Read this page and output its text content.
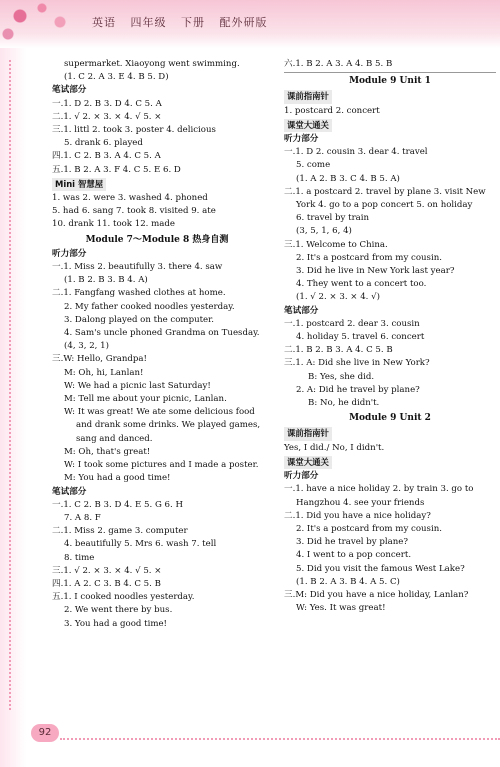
英语 四年级 下册 配外研版
supermarket. Xiaoyong went swimming.
(1. C 2. A 3. E 4. B 5. D)
笔试部分
一.1. D 2. B 3. D 4. C 5. A
二.1. √ 2. × 3. × 4. √ 5. ×
三.1. littl 2. took 3. poster 4. delicious
5. drank 6. played
四.1. C 2. B 3. A 4. C 5. A
五.1. B 2. A 3. F 4. C 5. E 6. D
Mini 智慧屋
1. was 2. were 3. washed 4. phoned
5. had 6. sang 7. took 8. visited 9. ate
10. drank 11. took 12. made
Module 7～Module 8 热身自测
听力部分
一.1. Miss 2. beautifully 3. there 4. saw
(1. B 2. B 3. B 4. A)
二.1. Fangfang washed clothes at home.
2. My father cooked noodles yesterday.
3. Dalong played on the computer.
4. Sam's uncle phoned Grandma on Tuesday.
(4, 3, 2, 1)
三.W: Hello, Grandpa!
M: Oh, hi, Lanlan!
W: We had a picnic last Saturday!
M: Tell me about your picnic, Lanlan.
W: It was great! We ate some delicious food
and drank some drinks. We played games,
sang and danced.
M: Oh, that's great!
W: I took some pictures and I made a poster.
M: You had a good time!
笔试部分
一.1. C 2. B 3. D 4. E 5. G 6. H
7. A 8. F
二.1. Miss 2. game 3. computer
4. beautifully 5. Mrs 6. wash 7. tell
8. time
三.1. √ 2. × 3. × 4. √ 5. ×
四.1. A 2. C 3. B 4. C 5. B
五.1. I cooked noodles yesterday.
2. We went there by bus.
3. You had a good time!
六.1. B 2. A 3. A 4. B 5. B
Module 9 Unit 1
课前指南针
1. postcard 2. concert
课堂大通关
听力部分
一.1. D 2. cousin 3. dear 4. travel
5. come
(1. A 2. B 3. C 4. B 5. A)
二.1. a postcard 2. travel by plane 3. visit New
York 4. go to a pop concert 5. on holiday
6. travel by train
(3, 5, 1, 6, 4)
三.1. Welcome to China.
2. It's a postcard from my cousin.
3. Did he live in New York last year?
4. They went to a concert too.
(1. √ 2. × 3. × 4. √)
笔试部分
一.1. postcard 2. dear 3. cousin
4. holiday 5. travel 6. concert
二.1. B 2. B 3. A 4. C 5. B
三.1. A: Did she live in New York?
B: Yes, she did.
2. A: Did he travel by plane?
B: No, he didn't.
Module 9 Unit 2
课前指南针
Yes, I did./ No, I didn't.
课堂大通关
听力部分
一.1. have a nice holiday 2. by train 3. go to
Hangzhou 4. see your friends
二.1. Did you have a nice holiday?
2. It's a postcard from my cousin.
3. Did he travel by plane?
4. I went to a pop concert.
5. Did you visit the famous West Lake?
(1. B 2. A 3. B 4. A 5. C)
三.M: Did you have a nice holiday, Lanlan?
W: Yes. It was great!
92
